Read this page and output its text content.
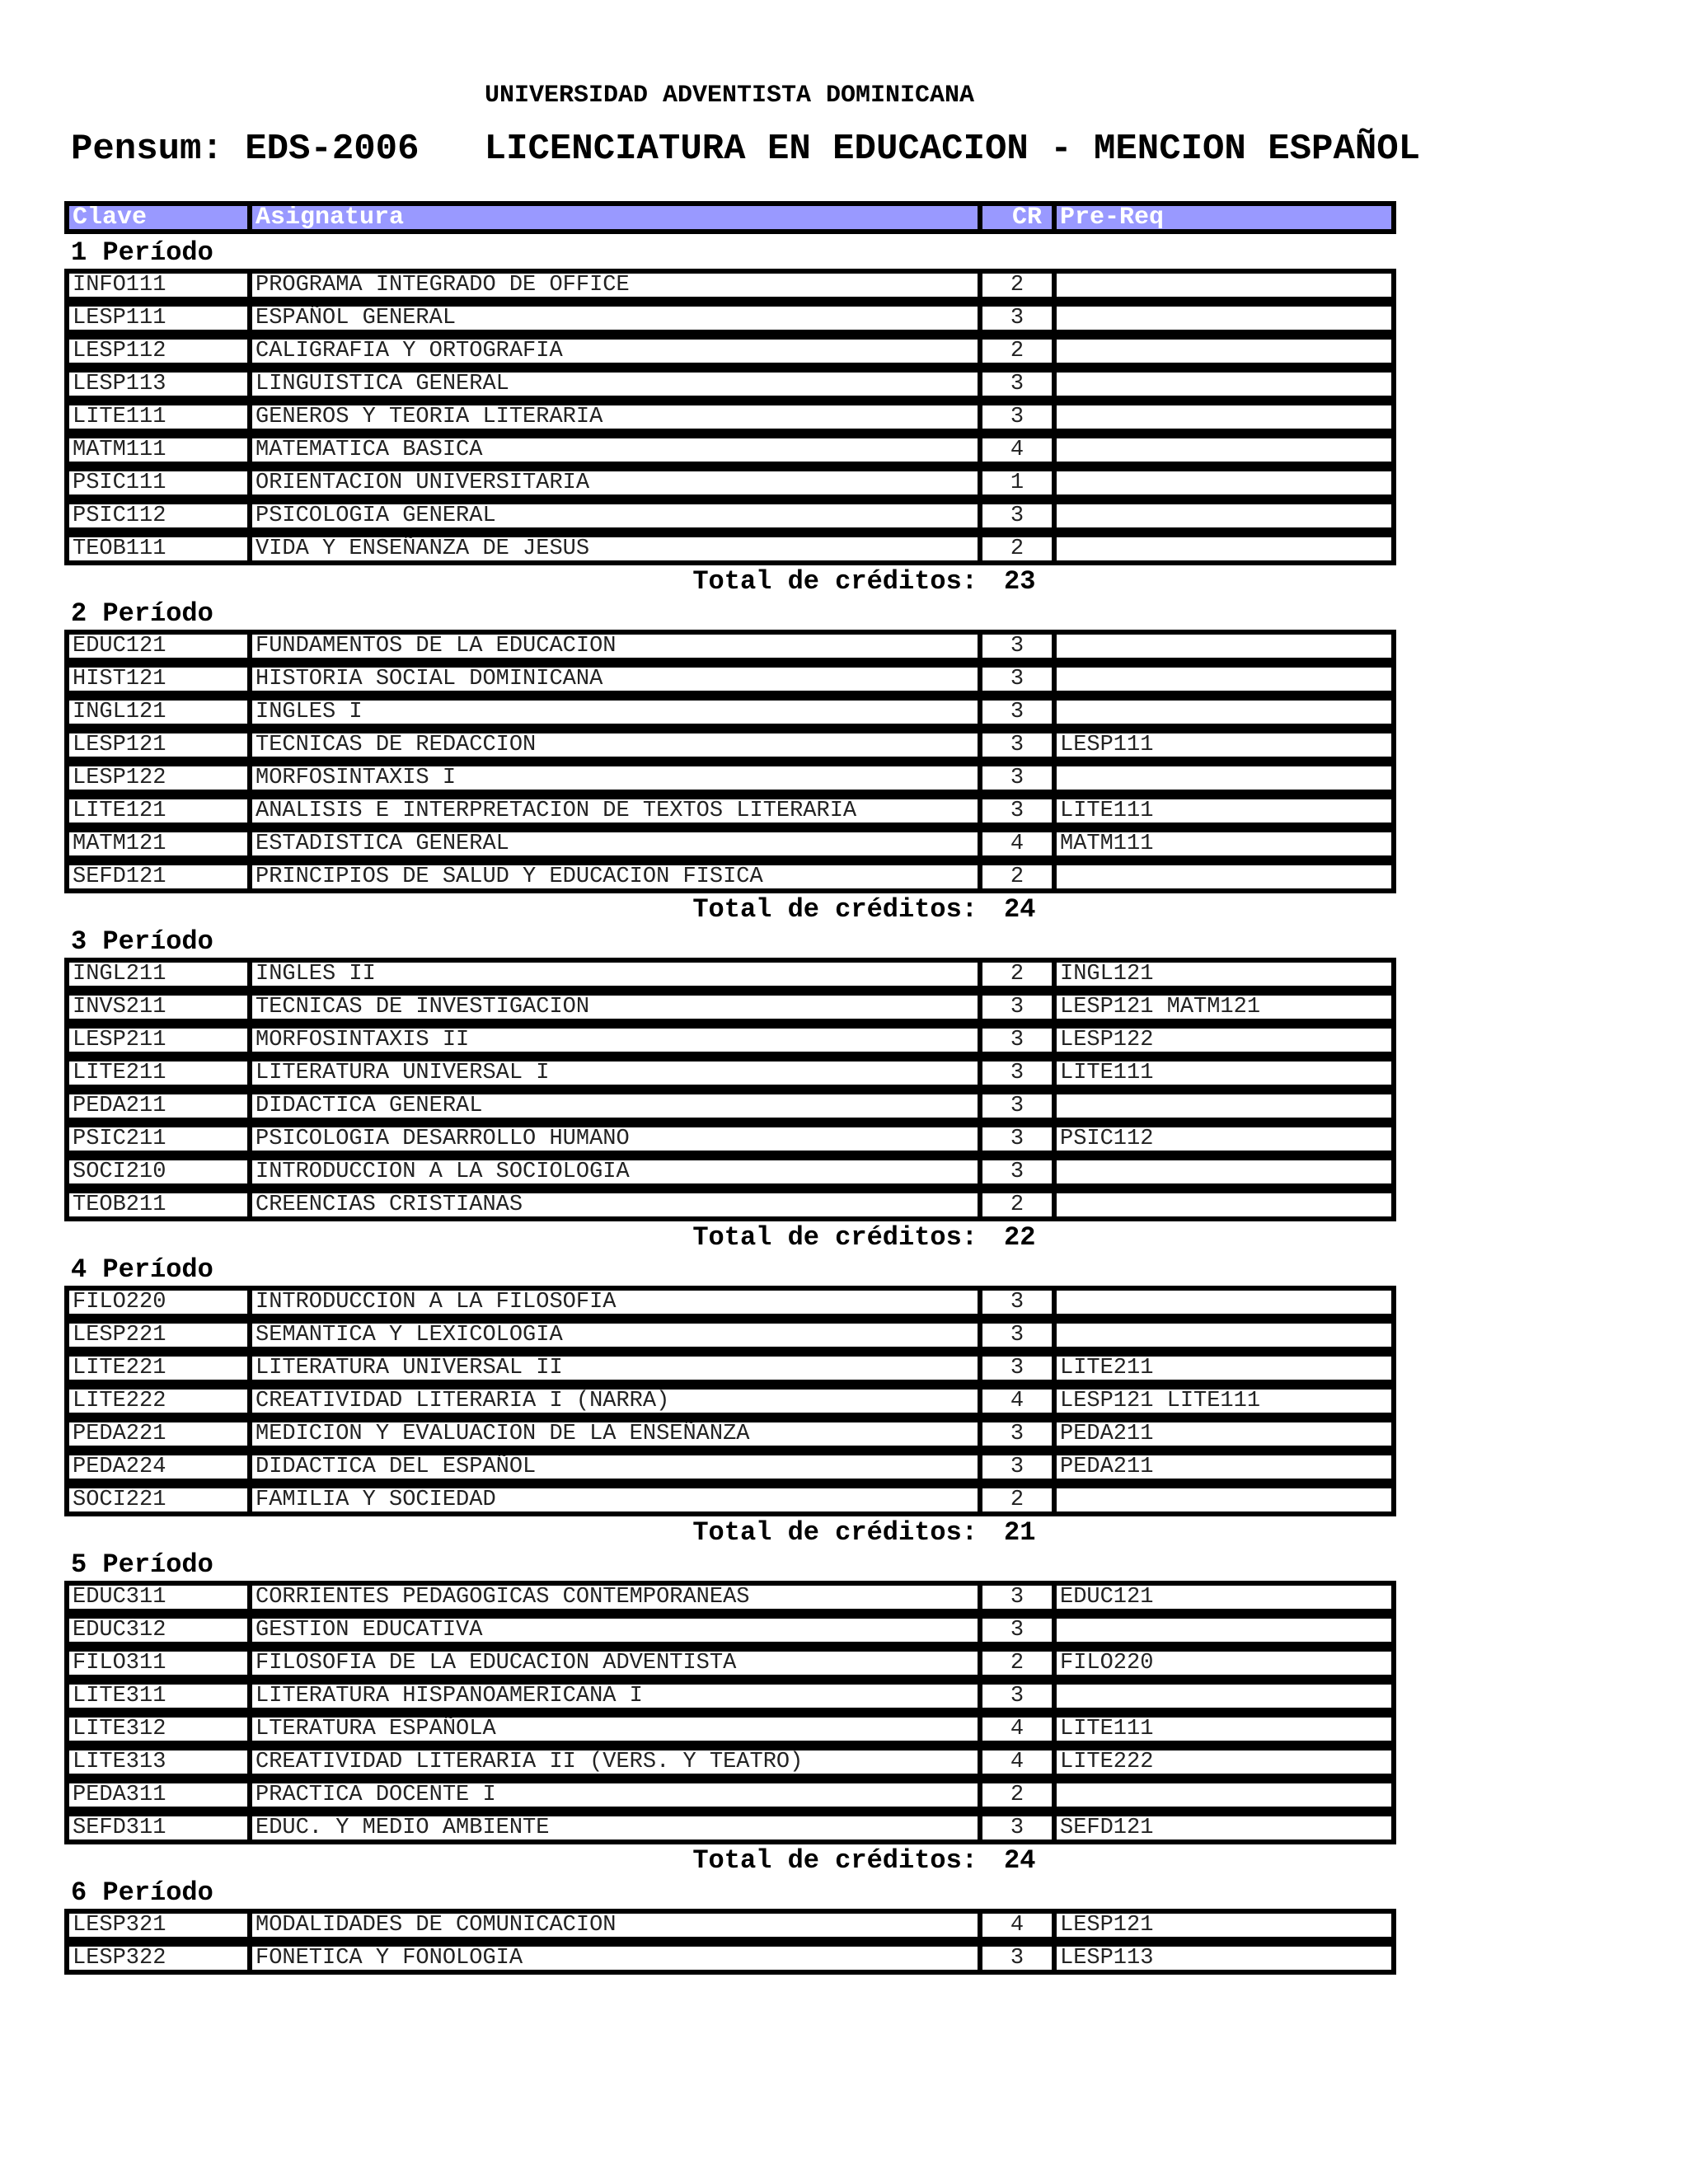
UNIVERSIDAD ADVENTISTA DOMINICANA
Pensum: EDS-2006   LICENCIATURA EN EDUCACION - MENCION ESPAÑOL
Clave	Asignatura	CR Pre-Req
1 Período
INFO111	PROGRAMA INTEGRADO DE OFFICE	2
LESP111	ESPAÑOL GENERAL	3
LESP112	CALIGRAFIA Y ORTOGRAFIA	2
LESP113	LINGUISTICA GENERAL	3
LITE111	GENEROS Y TEORIA LITERARIA	3
MATM111	MATEMATICA BASICA	4
PSIC111	ORIENTACION UNIVERSITARIA	1
PSIC112	PSICOLOGIA GENERAL	3
TEOB111	VIDA Y ENSEÑANZA DE JESUS	2
Total de créditos: 23
2 Período
EDUC121	FUNDAMENTOS DE LA EDUCACION	3
HIST121	HISTORIA SOCIAL DOMINICANA	3
INGL121	INGLES I	3
LESP121	TECNICAS DE REDACCION	3	LESP111
LESP122	MORFOSINTAXIS I	3
LITE121	ANALISIS E INTERPRETACION DE TEXTOS LITERARIA	3	LITE111
MATM121	ESTADISTICA GENERAL	4	MATM111
SEFD121	PRINCIPIOS DE SALUD Y EDUCACION FISICA	2
Total de créditos: 24
3 Período
INGL211	INGLES II	2	INGL121
INVS211	TECNICAS DE INVESTIGACION	3	LESP121 MATM121
LESP211	MORFOSINTAXIS II	3	LESP122
LITE211	LITERATURA UNIVERSAL I	3	LITE111
PEDA211	DIDACTICA GENERAL	3
PSIC211	PSICOLOGIA DESARROLLO HUMANO	3	PSIC112
SOCI210	INTRODUCCION A LA SOCIOLOGIA	3
TEOB211	CREENCIAS CRISTIANAS	2
Total de créditos: 22
4 Período
FILO220	INTRODUCCION A LA FILOSOFIA	3
LESP221	SEMANTICA Y LEXICOLOGIA	3
LITE221	LITERATURA UNIVERSAL II	3	LITE211
LITE222	CREATIVIDAD LITERARIA I (NARRA)	4	LESP121 LITE111
PEDA221	MEDICION Y EVALUACION DE LA ENSEÑANZA	3	PEDA211
PEDA224	DIDACTICA DEL ESPAÑOL	3	PEDA211
SOCI221	FAMILIA Y SOCIEDAD	2
Total de créditos: 21
5 Período
EDUC311	CORRIENTES PEDAGOGICAS CONTEMPORANEAS	3	EDUC121
EDUC312	GESTION EDUCATIVA	3
FILO311	FILOSOFIA DE LA EDUCACION ADVENTISTA	2	FILO220
LITE311	LITERATURA HISPANOAMERICANA I	3
LITE312	LTERATURA ESPAÑOLA	4	LITE111
LITE313	CREATIVIDAD LITERARIA II (VERS. Y TEATRO)	4	LITE222
PEDA311	PRACTICA DOCENTE I	2
SEFD311	EDUC. Y MEDIO AMBIENTE	3	SEFD121
Total de créditos: 24
6 Período
LESP321	MODALIDADES DE COMUNICACION	4	LESP121
LESP322	FONETICA Y FONOLOGIA	3	LESP113
